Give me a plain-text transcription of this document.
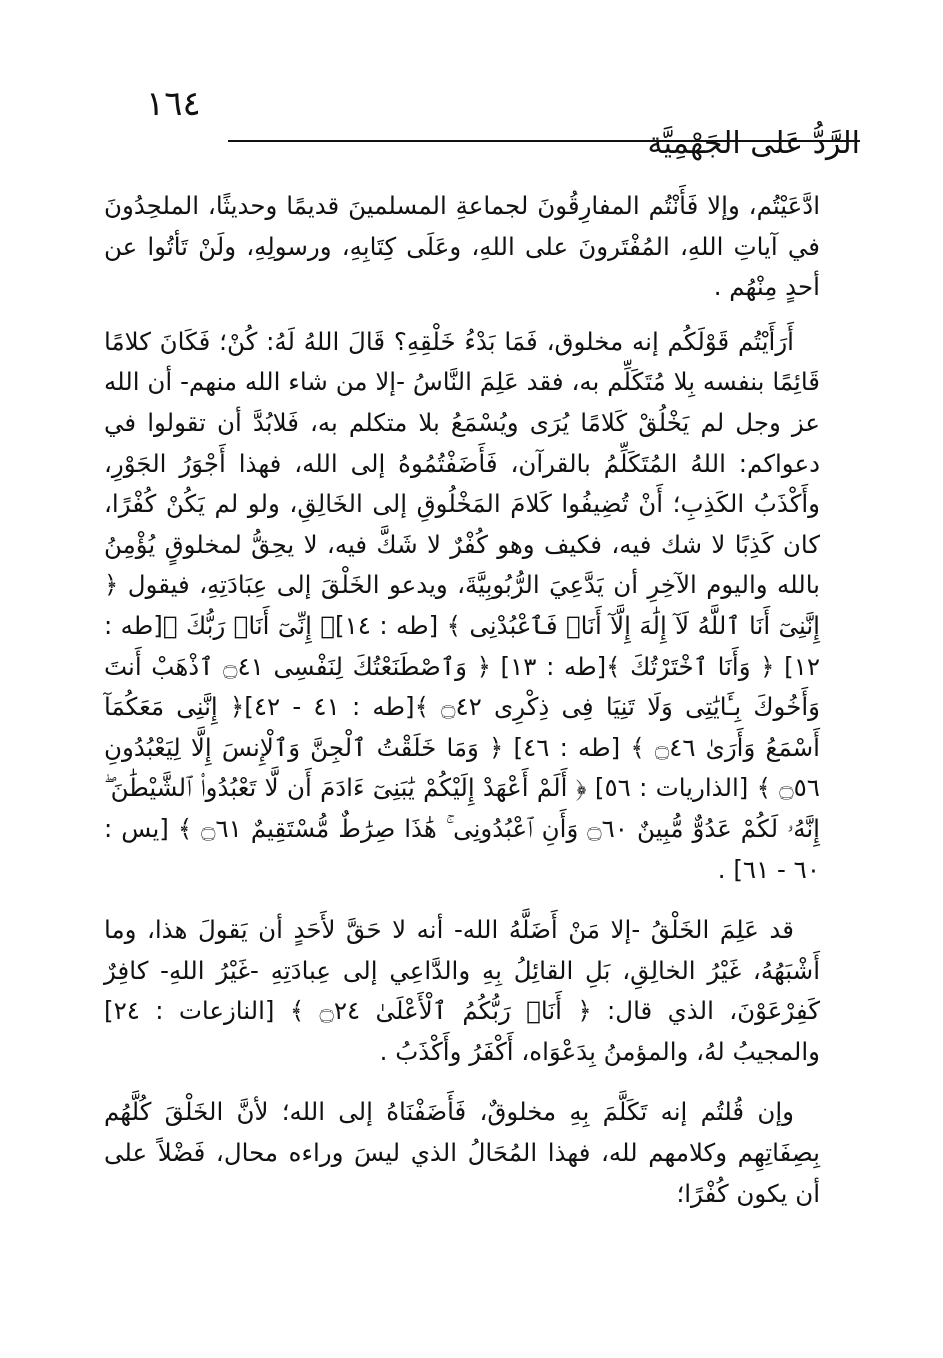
١٦٤
الرَّدُّ عَلى الجَهْمِيَّة

ادَّعَيْتُم، وإلا فَأَنْتُم المفارِقُونَ لجماعةِ المسلمينَ قديمًا وحديثًا، الملحِدُونَ في آياتِ اللهِ، المُفْتَرونَ على اللهِ، وعَلَى كِتَابِهِ، ورسولِهِ، ولَنْ تَأتُوا عن أحدٍ مِنْهُم .

أَرَأَيْتُم قَوْلَكُم إنه مخلوق، فَمَا بَدْءُ خَلْقِهِ؟ قَالَ اللهُ لَهُ: كُنْ؛ فَكَانَ كلامًا قَائِمًا بنفسه بِلا مُتَكَلِّم به، فقد عَلِمَ النَّاسُ -إلا من شاء الله منهم- أن الله عز وجل لم يَخْلُقْ كَلامًا يُرَى ويُسْمَعُ بلا متكلم به، فَلابُدَّ أن تقولوا في دعواكم: اللهُ المُتَكَلِّمُ بالقرآن، فَأَضَفْتُمُوهُ إلى الله، فهذا أَجْوَرُ الجَوْرِ، وأَكْذَبُ الكَذِبِ؛ أَنْ تُضِيفُوا كَلامَ المَخْلُوقِ إلى الخَالِقِ، ولو لم يَكُنْ كُفْرًا، كان كَذِبًا لا شك فيه، فكيف وهو كُفْرٌ لا شَكَّ فيه، لا يحِقُّ لمخلوقٍ يُؤْمِنُ بالله واليوم الآخِرِ أن يَدَّعِيَ الرُّبُوبِيَّةَ، ويدعو الخَلْقَ إلى عِبَادَتِهِ، فيقول ﴿ إِنَّنِىٓ أَنَا ٱللَّهُ لَآ إِلَٰهَ إِلَّآ أَنَا۠ فَٱعْبُدْنِى ﴾ [طه : ١٤]﴿ إِنِّىٓ أَنَا۠ رَبُّكَ ﴾[طه : ١٢] ﴿ وَأَنَا ٱخْتَرْتُكَ ﴾[طه : ١٣] ﴿ وَٱصْطَنَعْتُكَ لِنَفْسِى ۝٤١ ٱذْهَبْ أَنتَ وَأَخُوكَ بِـَٔايَٰتِى وَلَا تَنِيَا فِى ذِكْرِى ۝٤٢ ﴾[طه : ٤١ - ٤٢]﴿ إِنَّنِى مَعَكُمَآ أَسْمَعُ وَأَرَىٰ ۝٤٦ ﴾ [طه : ٤٦] ﴿ وَمَا خَلَقْتُ ٱلْجِنَّ وَٱلْإِنسَ إِلَّا لِيَعْبُدُونِ ۝٥٦ ﴾ [الذاريات : ٥٦] ﴿ أَلَمْ أَعْهَدْ إِلَيْكُمْ يَٰبَنِىٓ ءَادَمَ أَن لَّا تَعْبُدُوا۟ ٱلشَّيْطَٰنَ ۖ إِنَّهُۥ لَكُمْ عَدُوٌّ مُّبِينٌ ۝٦٠ وَأَنِ ٱعْبُدُونِى ۚ هَٰذَا صِرَٰطٌ مُّسْتَقِيمٌ ۝٦١ ﴾ [يس : ٦٠ - ٦١] .

قد عَلِمَ الخَلْقُ -إلا مَنْ أَضَلَّهُ الله- أنه لا حَقَّ لأَحَدٍ أن يَقولَ هذا، وما أَشْبَهُهُ، غَيْرُ الخالِقِ، بَلِ القائِلُ بِهِ والدَّاعِي إلى عِبادَتِهِ -غَيْرُ اللهِ- كافِرٌ كَفِرْعَوْنَ، الذي قال: ﴿ أَنَا۠ رَبُّكُمُ ٱلْأَعْلَىٰ ۝٢٤ ﴾ [النازعات : ٢٤] والمجيبُ لهُ، والمؤمنُ بِدَعْوَاه، أَكْفَرُ وأَكْذَبُ .

وإن قُلتُم إنه تَكَلَّمَ بِهِ مخلوقٌ، فَأَضَفْنَاهُ إلى الله؛ لأنَّ الخَلْقَ كُلَّهُم بِصِفَاتِهِم وكلامهم لله، فهذا المُحَالُ الذي ليسَ وراءه محال، فَضْلاً على أن يكون كُفْرًا؛
